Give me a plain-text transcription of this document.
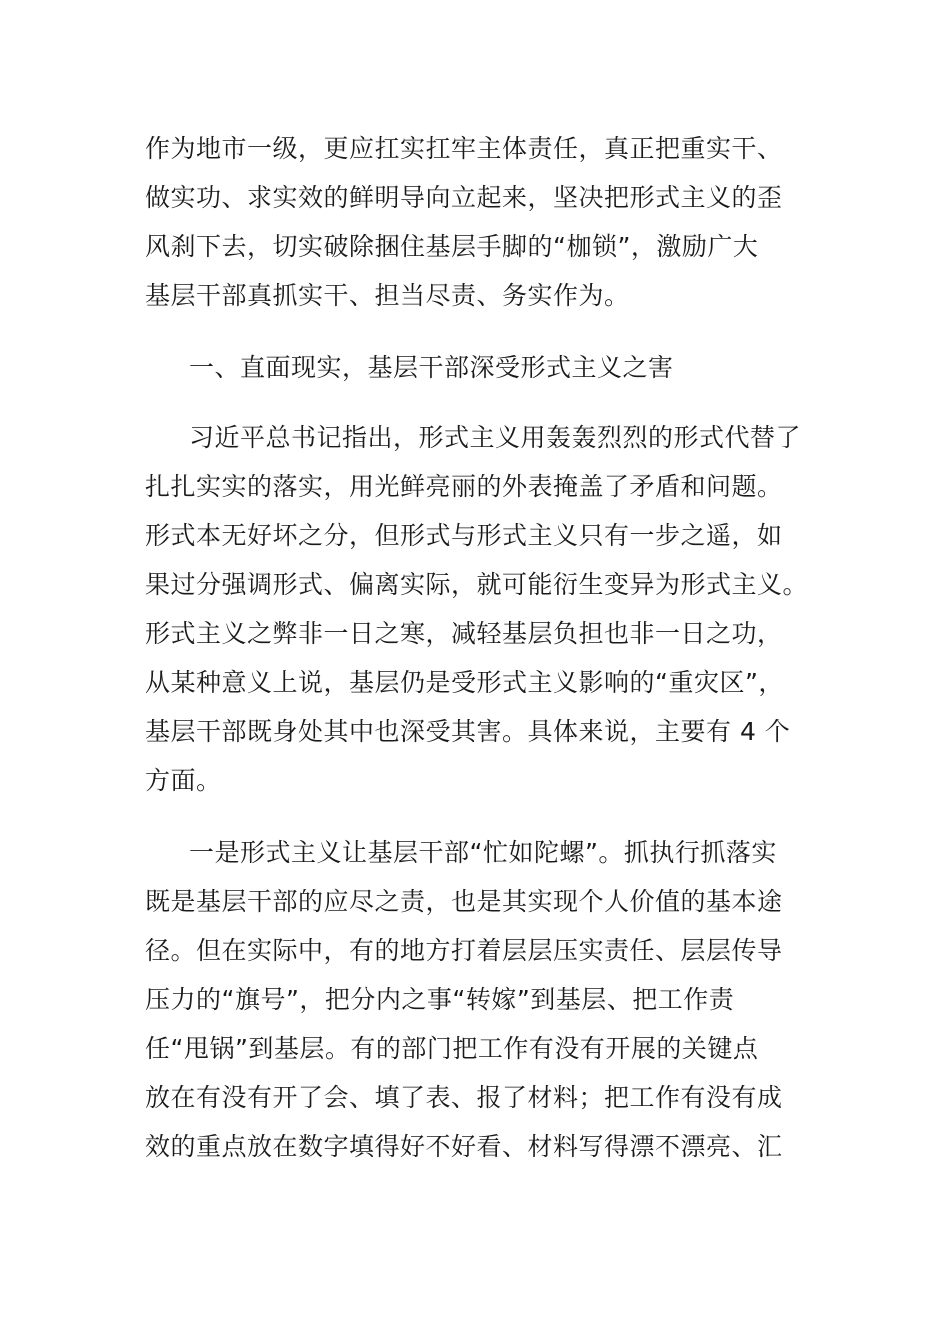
作为地市一级，更应扛实扛牢主体责任，真正把重实干、
做实功、求实效的鲜明导向立起来，坚决把形式主义的歪
风刹下去，切实破除捆住基层手脚的“枷锁”，激励广大
基层干部真抓实干、担当尽责、务实作为。
一、直面现实，基层干部深受形式主义之害
习近平总书记指出，形式主义用轰轰烈烈的形式代替了
扎扎实实的落实，用光鲜亮丽的外表掩盖了矛盾和问题。
形式本无好坏之分，但形式与形式主义只有一步之遥，如
果过分强调形式、偏离实际，就可能衍生变异为形式主义。
形式主义之弊非一日之寒，减轻基层负担也非一日之功，
从某种意义上说，基层仍是受形式主义影响的“重灾区”，
基层干部既身处其中也深受其害。具体来说，主要有 4 个
方面。
一是形式主义让基层干部“忙如陀螺”。抓执行抓落实
既是基层干部的应尽之责，也是其实现个人价值的基本途
径。但在实际中，有的地方打着层层压实责任、层层传导
压力的“旗号”，把分内之事“转嫁”到基层、把工作责
任“甩锅”到基层。有的部门把工作有没有开展的关键点
放在有没有开了会、填了表、报了材料；把工作有没有成
效的重点放在数字填得好不好看、材料写得漂不漂亮、汇
